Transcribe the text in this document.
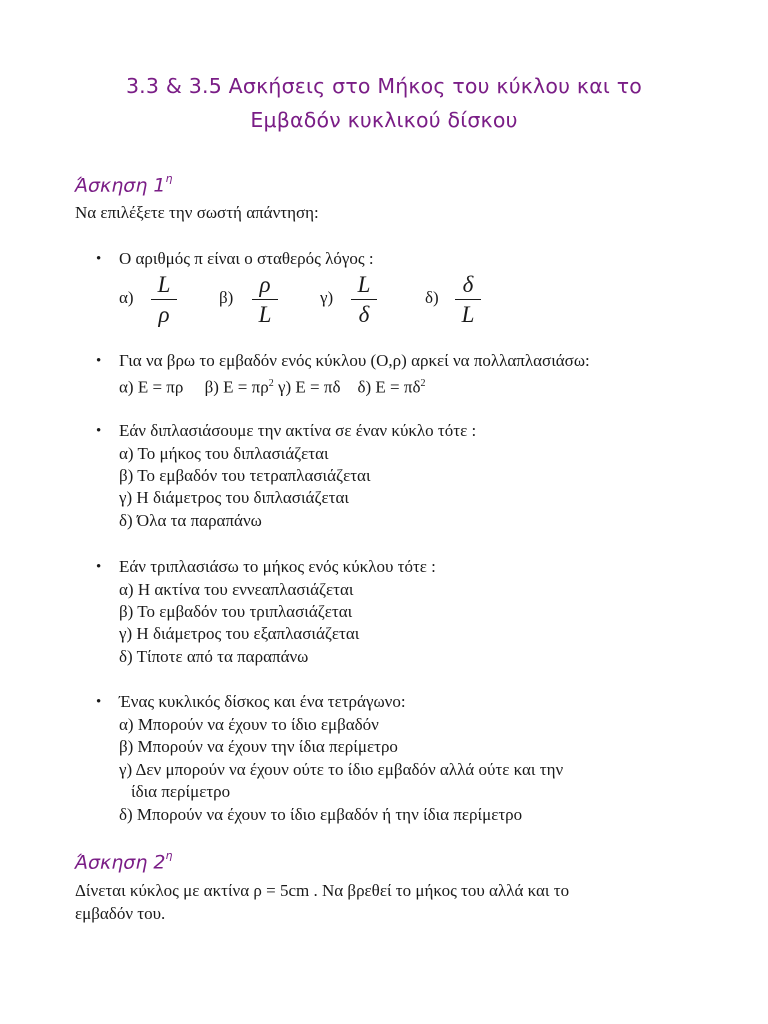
3.3 & 3.5 Ασκήσεις στο Μήκος του κύκλου και το
Εμβαδόν κυκλικού δίσκου
Άσκηση $1^\eta$
Να επιλέξετε την σωστή απάντηση:
• Ο αριθμός π είναι ο σταθερός λόγος :
α)
L
ρ
β)
ρ
L
γ)
L
δ
δ)
δ
L
• Για να βρω το εμβαδόν ενός κύκλου (Ο,ρ) αρκεί να πολλαπλασιάσω:
α) Ε = πρ β) $E = \pi\rho^2$ γ) Ε = πδ δ) $E = \pi\delta^2$
• Εάν διπλασιάσουμε την ακτίνα σε έναν κύκλο τότε :
α) Το μήκος του διπλασιάζεται
β) Το εμβαδόν του τετραπλασιάζεται
γ) Η διάμετρος του διπλασιάζεται
δ) Όλα τα παραπάνω
• Εάν τριπλασιάσω το μήκος ενός κύκλου τότε :
α) Η ακτίνα του εννεαπλασιάζεται
β) Το εμβαδόν του τριπλασιάζεται
γ) Η διάμετρος του εξαπλασιάζεται
δ) Τίποτε από τα παραπάνω
• Ένας κυκλικός δίσκος και ένα τετράγωνο:
α) Μπορούν να έχουν το ίδιο εμβαδόν
β) Μπορούν να έχουν την ίδια περίμετρο
γ) Δεν μπορούν να έχουν ούτε το ίδιο εμβαδόν αλλά ούτε και την
ίδια περίμετρο
δ) Μπορούν να έχουν το ίδιο εμβαδόν ή την ίδια περίμετρο
Άσκηση $2^\eta$
Δίνεται κύκλος με ακτίνα ρ = 5cm . Να βρεθεί το μήκος του αλλά και το
εμβαδόν του.
